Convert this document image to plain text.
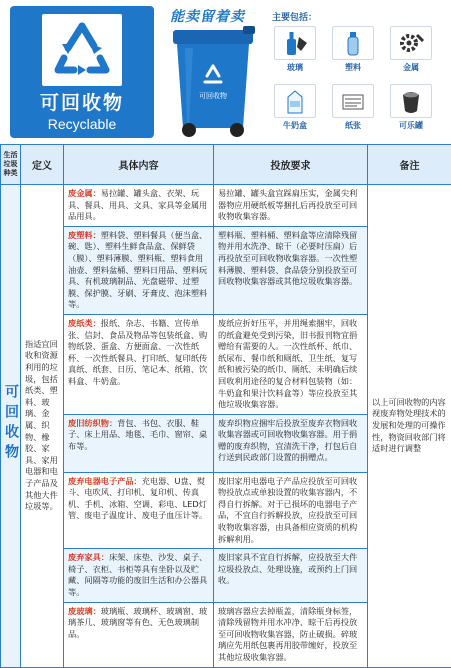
可回收物
Recyclable
能卖留着卖
可回收物
主要包括：
玻璃	塑料	金属
牛奶盒	纸张	可乐罐
生活垃圾种类	定义	具体内容	投放要求	备注
可回收物	指适宜回收和资源利用的垃圾，包括纸类、塑料、玻璃、金属、织物、橡胶、家具、家用电器和电子产品及其他大件垃圾等。	废金属：易拉罐、罐头盒、衣架、玩具、餐具、用具、文具、家具等金属用品用具。	易拉罐、罐头盒宜踩扁压实，金属尖利器物应用硬纸板等捆扎后再投放至可回收物收集容器。	以上可回收物的内容视废弃物处理技术的发展和处理的可操作性，物资回收部门将适时进行调整
		废塑料：塑料袋、塑料餐具（便当盒、碗、匙）、塑料生鲜食品盒、保鲜袋（膜）、塑料薄膜、塑料瓶、塑料食用油壶、塑料盆桶、塑料日用品、塑料玩具、有机玻璃制品、光盘磁带、过塑膜、保护膜、牙刷、牙膏皮、泡沫塑料等。	塑料瓶、塑料桶、塑料盒等应清除残留物并用水洗净、晾干（必要时压扁）后再投放至可回收物收集容器。一次性塑料薄膜、塑料袋、食品袋分别投放至可回收物收集容器或其他垃圾收集容器。	
		废纸类：报纸、杂志、书籍、宣传单张、信封、食品及物品等包装纸盒、购物纸袋、蛋盒、方便面盒、一次性纸杯、一次性纸餐具、打印纸、复印纸传真纸、纸套、日历、笔记本、纸箱、饮料盒、牛奶盒。	废纸应折好压平，并用绳索捆牢，回收的纸盒避免受到污染，旧书报刊物宜捐赠给有需要的人。一次性纸杯、纸巾、纸尿布、餐巾纸和厕纸、卫生纸、复写纸和被污染的纸巾、厕纸、未明确后续回收利用途径的复合材料包装物（如：牛奶盒和果汁饮料盒等）等应投放至其他垃圾收集容器。	
		废旧纺织物：背包、书包、衣服、鞋子、床上用品、地毯、毛巾、窗帘、桌布等。	废弃织物应捆牢后投放至废弃衣物回收收集容器或可回收物收集容器。用于捐赠的废弃织物，宜清洗干净，打包后自行送到民政部门设置的捐赠点。	
		废弃电器电子产品：充电器、U盘、熨斗、电吹风、打印机、复印机、传真机、手机、冰箱、空调、彩电、LED灯管、废电子温度计、废电子血压计等。	废旧家用电器电子产品应投放至可回收物投放点或单独设置的收集容器内，不得自行拆解。对于已损坏的电器电子产品，不宜自行拆解投放，应投放至可回收物收集容器，由具备相应资质的机构拆解利用。	
		废弃家具：床架、床垫、沙发、桌子、椅子、衣柜、书柜等具有坐卧以及贮藏、间隔等功能的废旧生活和办公器具等。	废旧家具不宜自行拆解，应投放至大件垃圾投放点、处理设施，或预约上门回收。	
		废玻璃：玻璃瓶、玻璃杯、玻璃窗、玻璃茶几、玻璃窗等有色、无色玻璃制品。	玻璃容器应去掉瓶盖，清除瓶身标签，清除残留物并用水冲净、晾干后再投放至可回收物收集容器，防止破损。碎玻璃应先用纸包裹再用胶带缠好，投放至其他垃圾收集容器。	
